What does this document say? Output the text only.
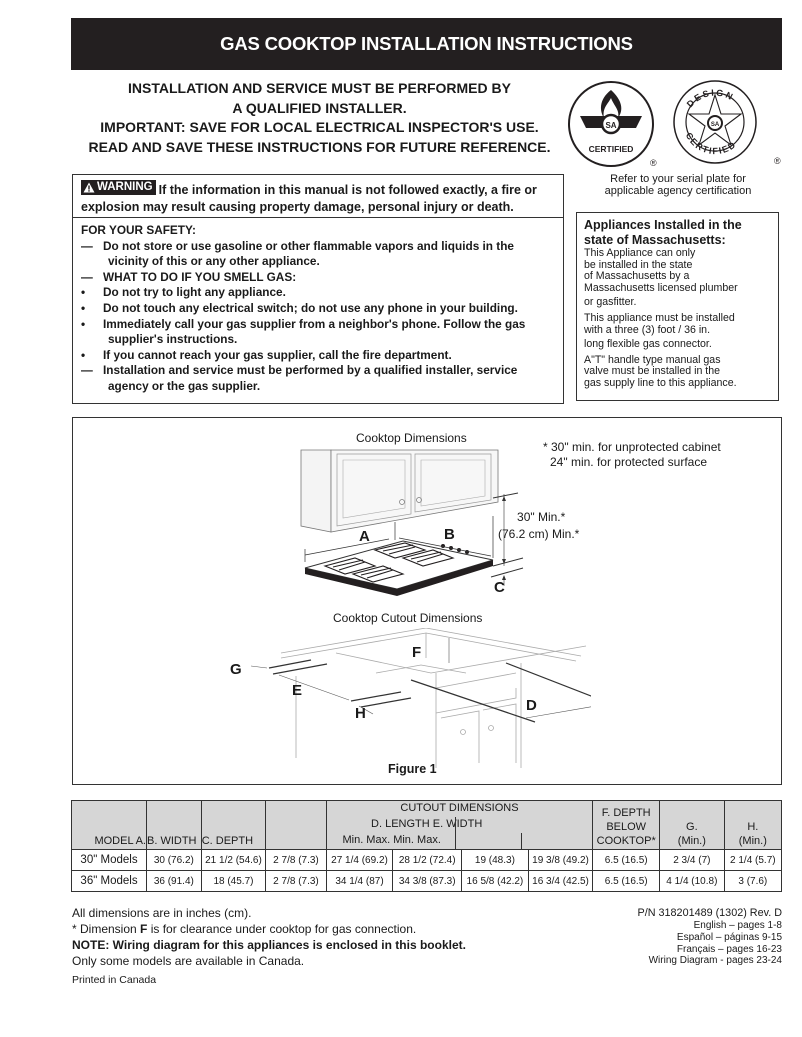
GAS COOKTOP INSTALLATION INSTRUCTIONS
INSTALLATION AND SERVICE MUST BE PERFORMED BY
A QUALIFIED INSTALLER.
IMPORTANT: SAVE FOR LOCAL ELECTRICAL INSPECTOR'S USE.
READ AND SAVE THESE INSTRUCTIONS FOR FUTURE REFERENCE.
SA
CERTIFIED
®
SA
DESIGN
CERTIFIED
®
Refer to your serial plate for
applicable agency certification
WARNING If the information in this manual is not followed exactly, a fire or explosion may result causing property damage, personal injury or death.
FOR YOUR SAFETY:
— Do not store or use gasoline or other flammable vapors and liquids in the
vicinity of this or any other appliance.
— WHAT TO DO IF YOU SMELL GAS:
•	Do not try to light any appliance.
•	Do not touch any electrical switch; do not use any phone in your building.
•	Immediately call your gas supplier from a neighbor's phone. Follow the gas
supplier's instructions.
•	If you cannot reach your gas supplier, call the fire department.
— Installation and service must be performed by a qualified installer, service
agency or the gas supplier.
Appliances Installed in the
state of Massachusetts:

This Appliance can only
be installed in the state
of Massachusetts by a
Massachusetts licensed plumber
or gasfitter.

This appliance must be installed
with a three (3) foot / 36 in.
long flexible gas connector.

A"T" handle type manual gas
valve must be installed in the
gas supply line to this appliance.

Cooktop Dimensions
* 30" min. for unprotected cabinet
24" min. for protected surface
A	B
C
30" Min.*
(76.2 cm) Min.*
Cooktop Cutout Dimensions
F
G
E
H	D
Figure 1
MODEL A.	B. WIDTH	C. DEPTH		
CUTOUT DIMENSIONS
D. LENGTH E. WIDTH
Min. Max. Min. Max.

F. DEPTH
BELOW
COOKTOP*

G.
(Min.)

H.
(Min.)

30" Models	30 (76.2)	21 1/2 (54.6)	2 7/8 (7.3)	27 1/4 (69.2)	28 1/2 (72.4)	19 (48.3)	19 3/8 (49.2)	6.5 (16.5)	2 3/4 (7)	2 1/4 (5.7)
36" Models	36 (91.4)	18 (45.7)	2 7/8 (7.3)	34 1/4 (87)	34 3/8 (87.3)	16 5/8 (42.2)	16 3/4 (42.5)	6.5 (16.5)	4 1/4 (10.8)	3 (7.6)
All dimensions are in inches (cm).
* Dimension F is for clearance under cooktop for gas connection.
NOTE: Wiring diagram for this appliances is enclosed in this booklet.
Only some models are available in Canada.
Printed in Canada
P/N 318201489 (1302) Rev. D
English – pages 1-8
Español – páginas 9-15
Français – pages 16-23
Wiring Diagram - pages 23-24
